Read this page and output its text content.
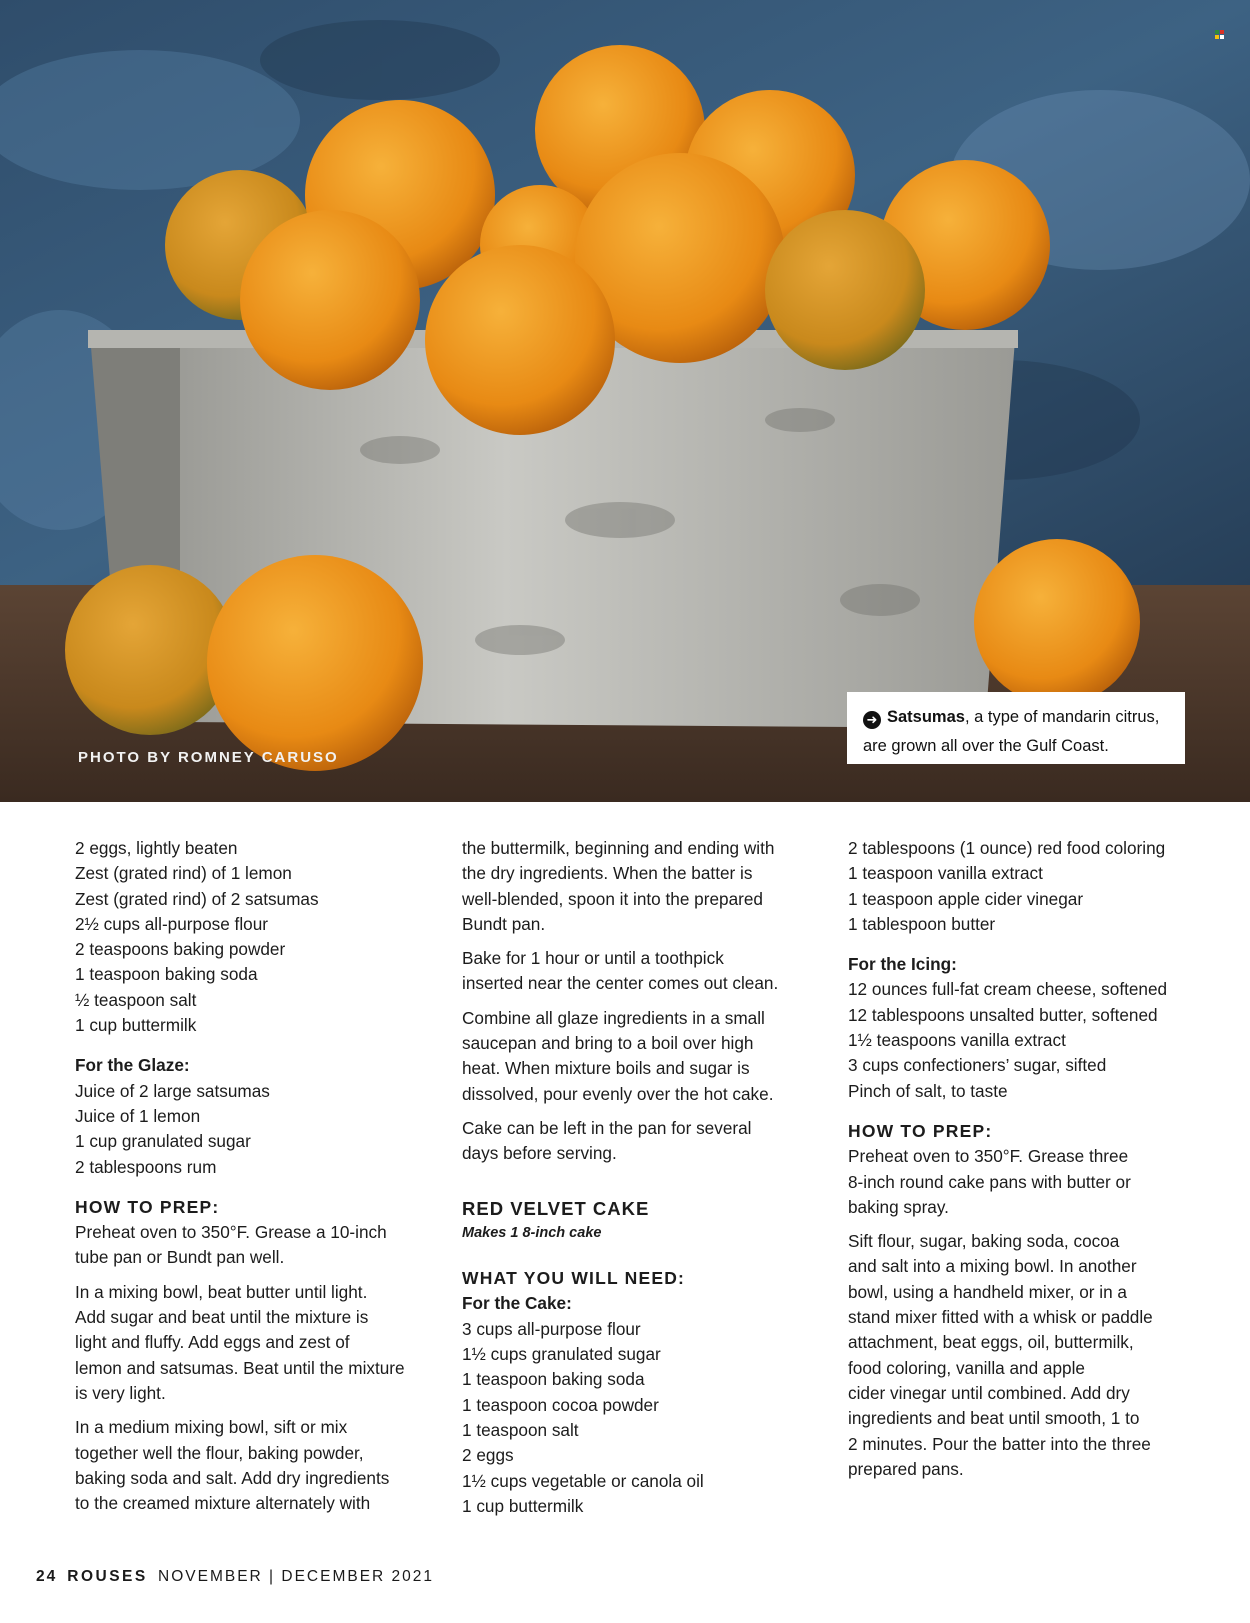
PHOTO BY ROMNEY CARUSO
➜ Satsumas, a type of mandarin citrus,
are grown all over the Gulf Coast.
2 eggs, lightly beaten
Zest (grated rind) of 1 lemon
Zest (grated rind) of 2 satsumas
2½ cups all-purpose flour
2 teaspoons baking powder
1 teaspoon baking soda
½ teaspoon salt
1 cup buttermilk
For the Glaze:
Juice of 2 large satsumas
Juice of 1 lemon
1 cup granulated sugar
2 tablespoons rum
HOW TO PREP:

Preheat oven to 350°F. Grease a 10-inch
tube pan or Bundt pan well.

In a mixing bowl, beat butter until light.
Add sugar and beat until the mixture is
light and fluffy. Add eggs and zest of
lemon and satsumas. Beat until the mixture
is very light.

In a medium mixing bowl, sift or mix
together well the flour, baking powder,
baking soda and salt. Add dry ingredients
to the creamed mixture alternately with

the buttermilk, beginning and ending with
the dry ingredients. When the batter is
well-blended, spoon it into the prepared
Bundt pan.

Bake for 1 hour or until a toothpick
inserted near the center comes out clean.

Combine all glaze ingredients in a small
saucepan and bring to a boil over high
heat. When mixture boils and sugar is
dissolved, pour evenly over the hot cake.

Cake can be left in the pan for several
days before serving.

RED VELVET CAKE
Makes 1 8-inch cake
WHAT YOU WILL NEED:
For the Cake:
3 cups all-purpose flour
1½ cups granulated sugar
1 teaspoon baking soda
1 teaspoon cocoa powder
1 teaspoon salt
2 eggs
1½ cups vegetable or canola oil
1 cup buttermilk
2 tablespoons (1 ounce) red food coloring
1 teaspoon vanilla extract
1 teaspoon apple cider vinegar
1 tablespoon butter
For the Icing:
12 ounces full-fat cream cheese, softened
12 tablespoons unsalted butter, softened
1½ teaspoons vanilla extract
3 cups confectioners’ sugar, sifted
Pinch of salt, to taste
HOW TO PREP:

Preheat oven to 350°F. Grease three
8-inch round cake pans with butter or
baking spray.

Sift flour, sugar, baking soda, cocoa
and salt into a mixing bowl. In another
bowl, using a handheld mixer, or in a
stand mixer fitted with a whisk or paddle
attachment, beat eggs, oil, buttermilk,
food coloring, vanilla and apple
cider vinegar until combined. Add dry
ingredients and beat until smooth, 1 to
2 minutes. Pour the batter into the three
prepared pans.

24 ROUSES NOVEMBER | DECEMBER 2021
